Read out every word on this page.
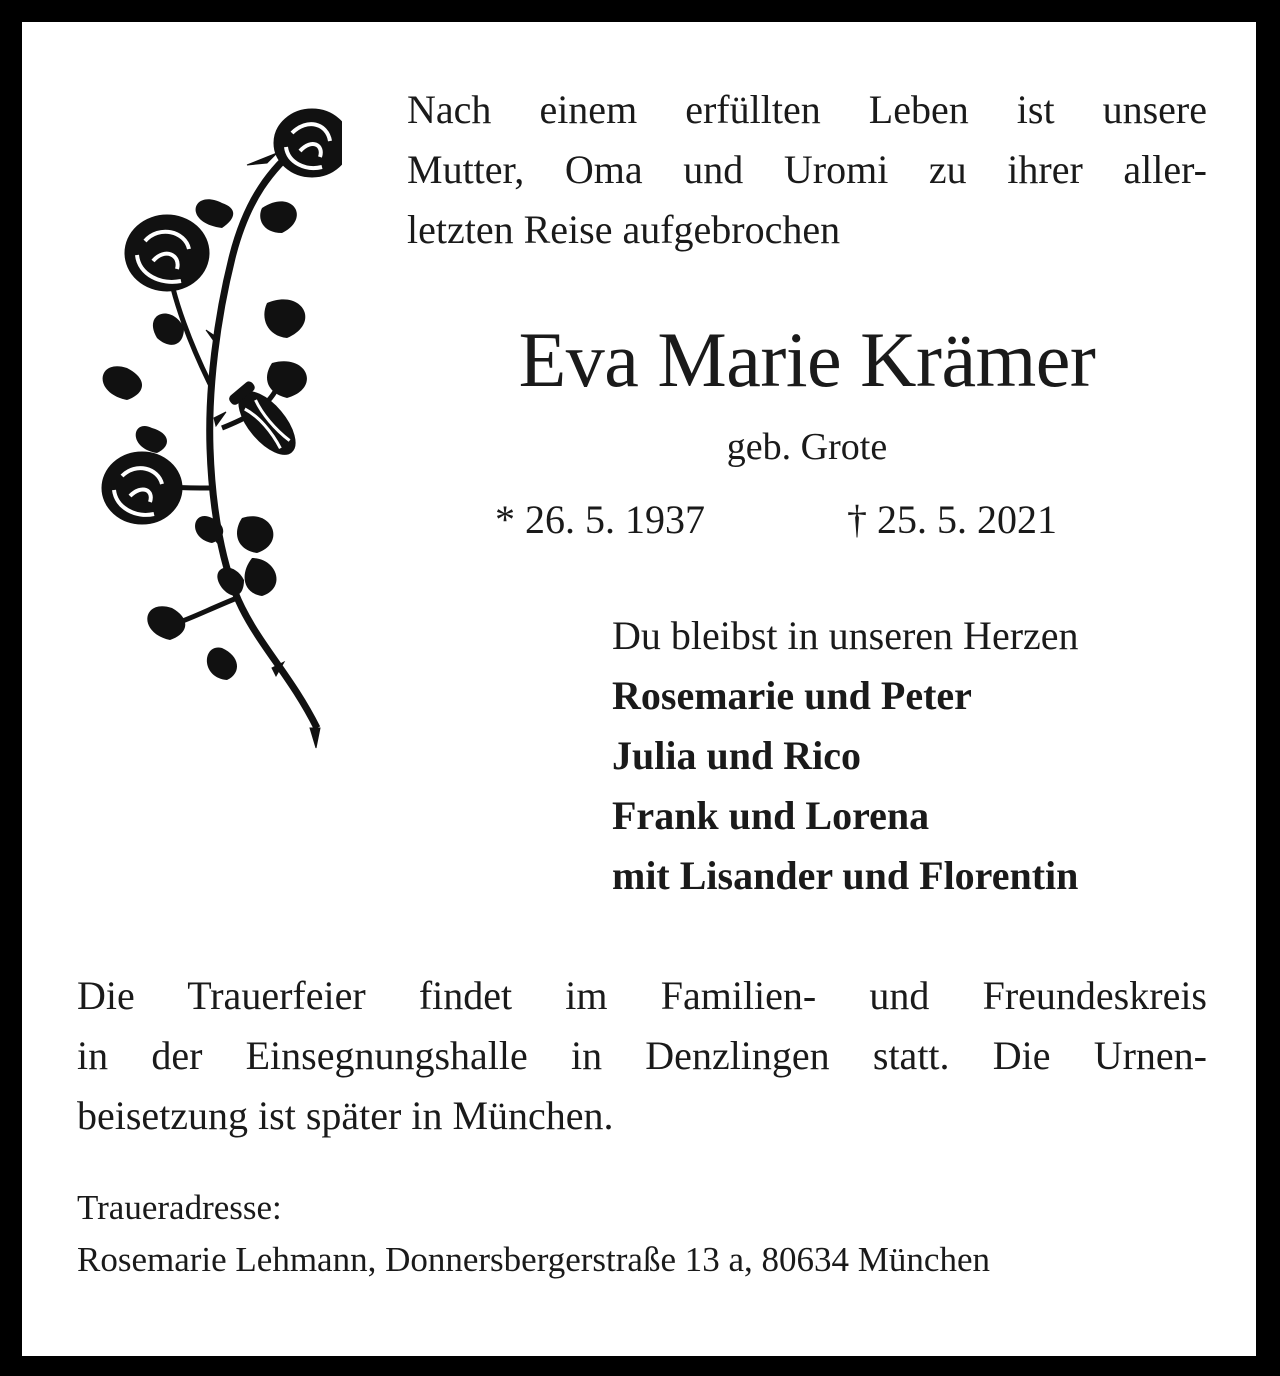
Nach einem erfüllten Leben ist unsere
Mutter, Oma und Uromi zu ihrer aller-
letzten Reise aufgebrochen
Eva Marie Krämer
geb. Grote
* 26. 5. 1937	† 25. 5. 2021
Du bleibst in unseren Herzen
Rosemarie und Peter
Julia und Rico
Frank und Lorena
mit Lisander und Florentin
Die Trauerfeier findet im Familien- und Freundeskreis
in der Einsegnungshalle in Denzlingen statt. Die Urnen-
beisetzung ist später in München.
Traueradresse:
Rosemarie Lehmann, Donnersbergerstraße 13 a, 80634 München
